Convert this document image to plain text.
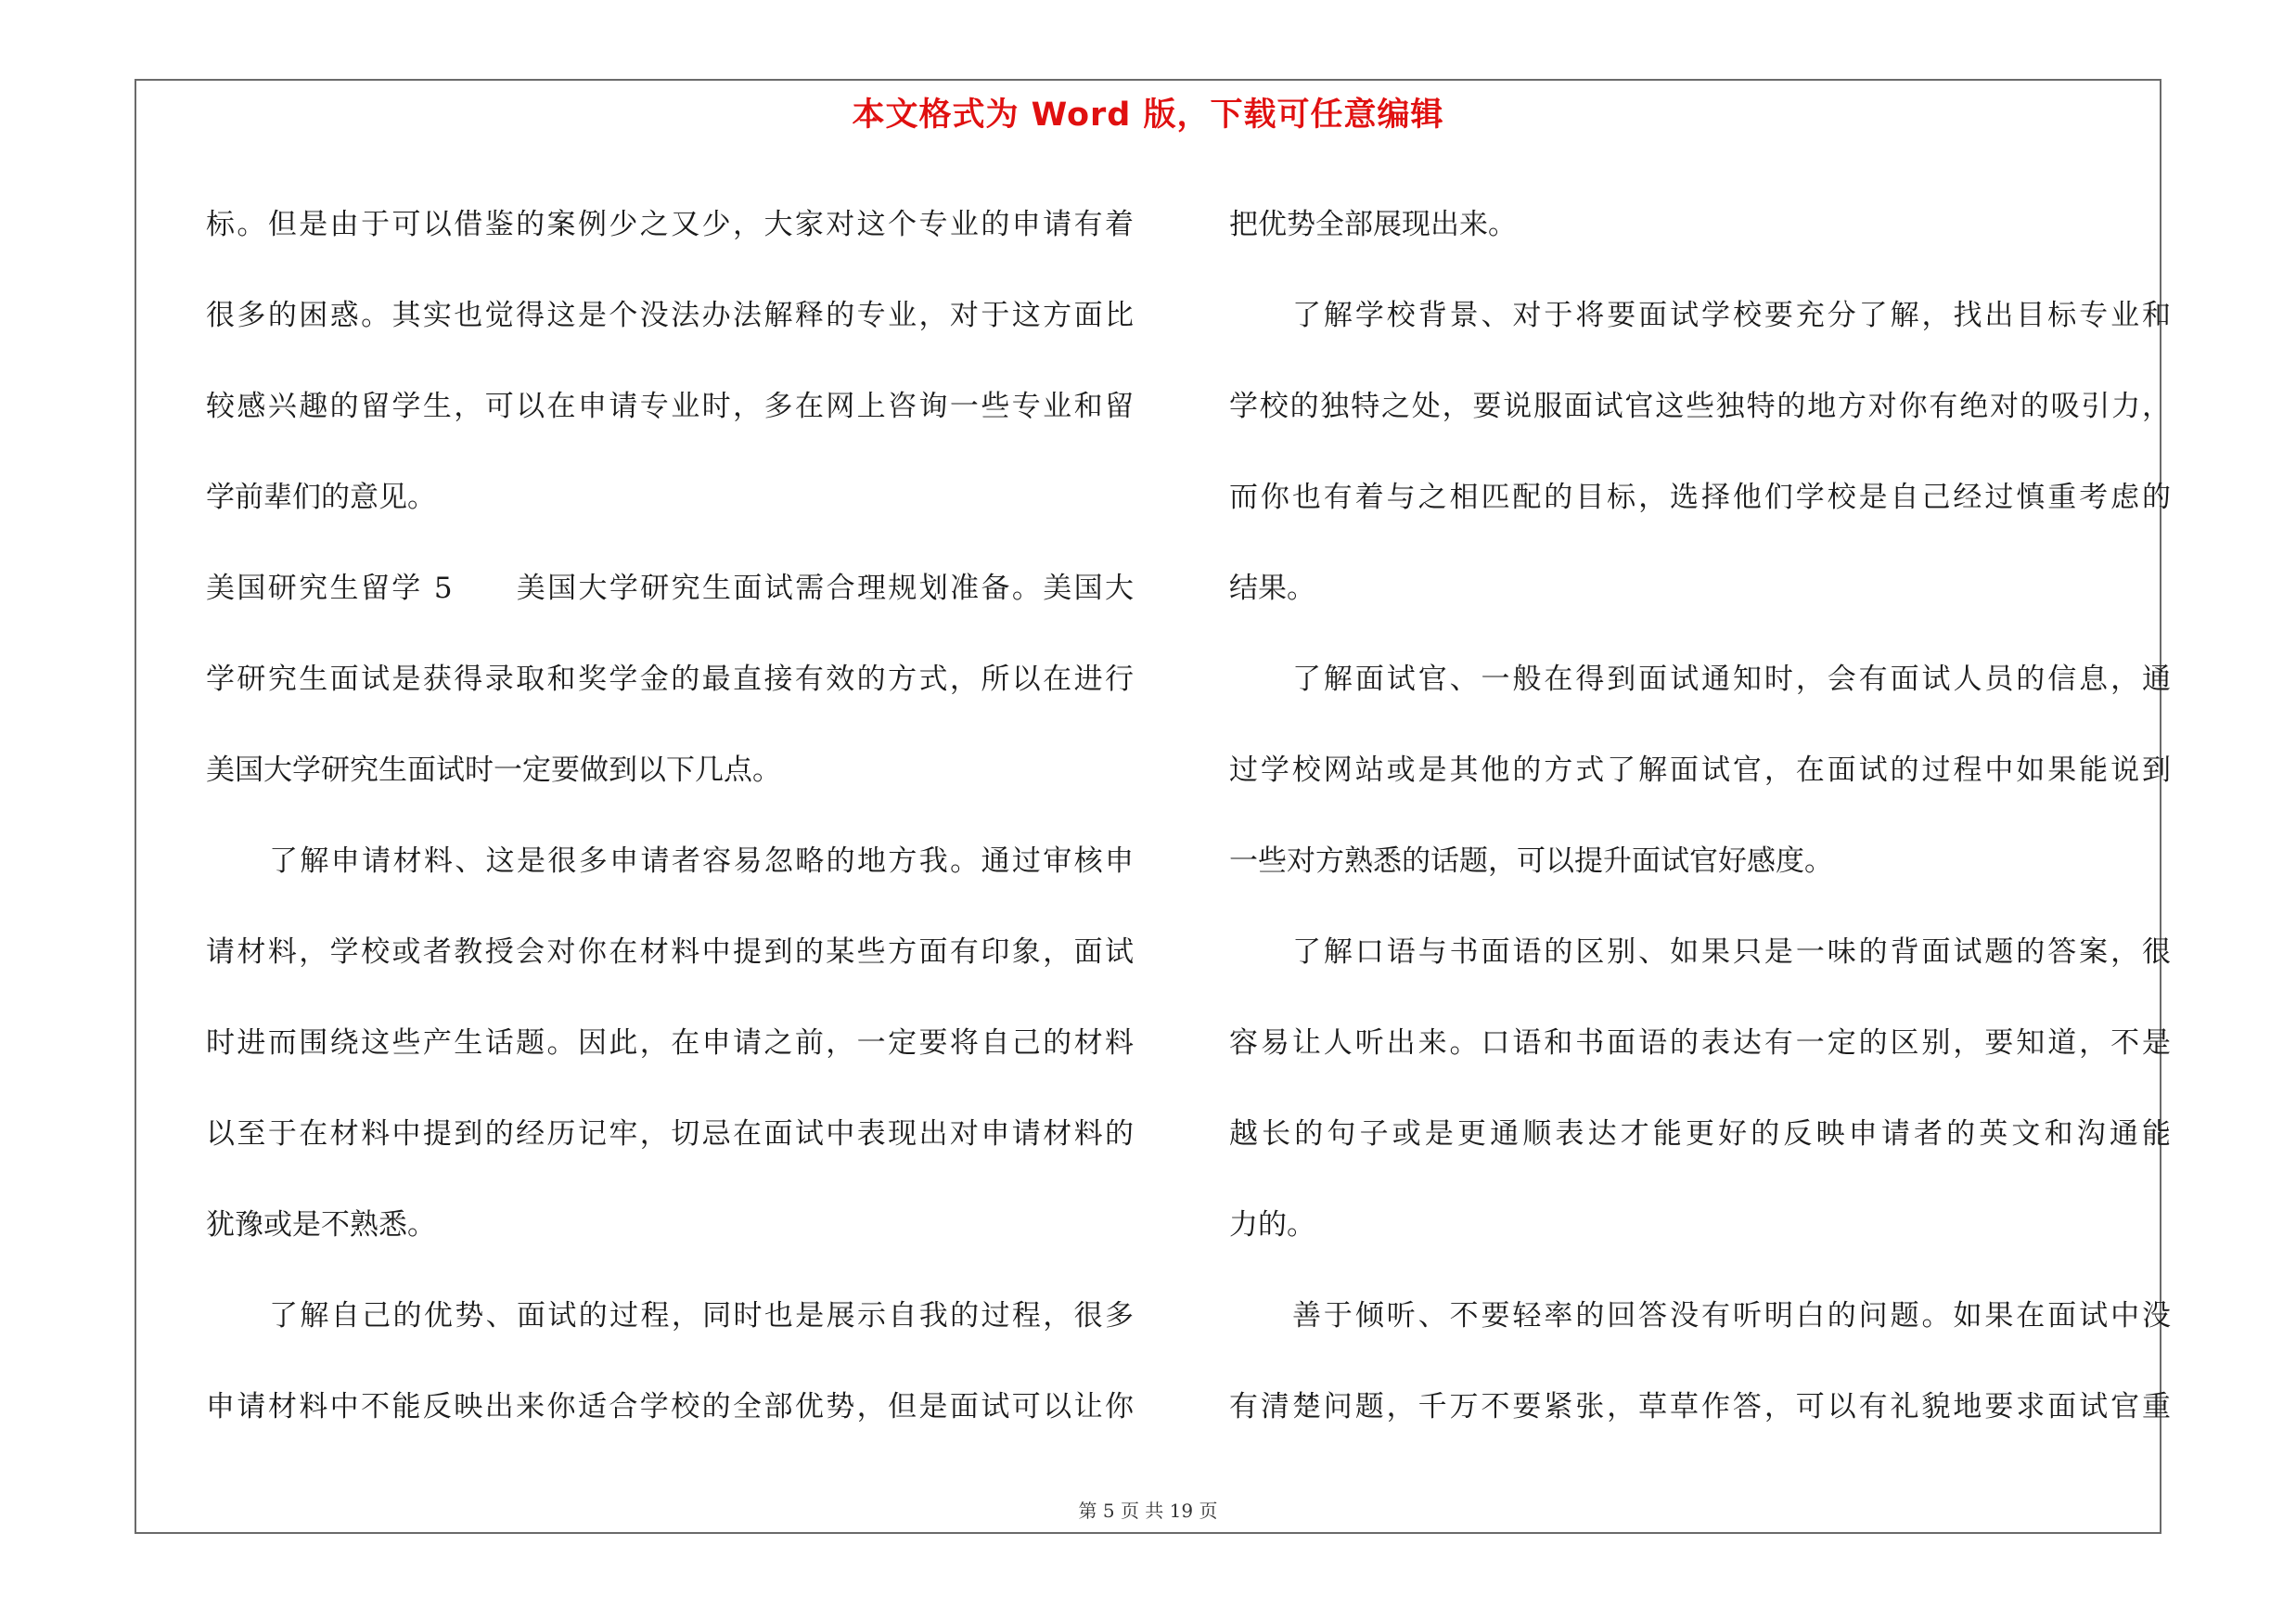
本文格式为 Word 版，下载可任意编辑
标。但是由于可以借鉴的案例少之又少，大家对这个专业的申请有着
很多的困惑。其实也觉得这是个没法办法解释的专业，对于这方面比
较感兴趣的留学生，可以在申请专业时，多在网上咨询一些专业和留
学前辈们的意见。
美国研究生留学 5　　美国大学研究生面试需合理规划准备。美国大
学研究生面试是获得录取和奖学金的最直接有效的方式，所以在进行
美国大学研究生面试时一定要做到以下几点。
了解申请材料、这是很多申请者容易忽略的地方我。通过审核申
请材料，学校或者教授会对你在材料中提到的某些方面有印象，面试
时进而围绕这些产生话题。因此，在申请之前，一定要将自己的材料
以至于在材料中提到的经历记牢，切忌在面试中表现出对申请材料的
犹豫或是不熟悉。
了解自己的优势、面试的过程，同时也是展示自我的过程，很多
申请材料中不能反映出来你适合学校的全部优势，但是面试可以让你
把优势全部展现出来。
了解学校背景、对于将要面试学校要充分了解，找出目标专业和
学校的独特之处，要说服面试官这些独特的地方对你有绝对的吸引力，
而你也有着与之相匹配的目标，选择他们学校是自己经过慎重考虑的
结果。
了解面试官、一般在得到面试通知时，会有面试人员的信息，通
过学校网站或是其他的方式了解面试官，在面试的过程中如果能说到
一些对方熟悉的话题，可以提升面试官好感度。
了解口语与书面语的区别、如果只是一味的背面试题的答案，很
容易让人听出来。口语和书面语的表达有一定的区别，要知道，不是
越长的句子或是更通顺表达才能更好的反映申请者的英文和沟通能
力的。
善于倾听、不要轻率的回答没有听明白的问题。如果在面试中没
有清楚问题，千万不要紧张，草草作答，可以有礼貌地要求面试官重
第 5 页 共 19 页
